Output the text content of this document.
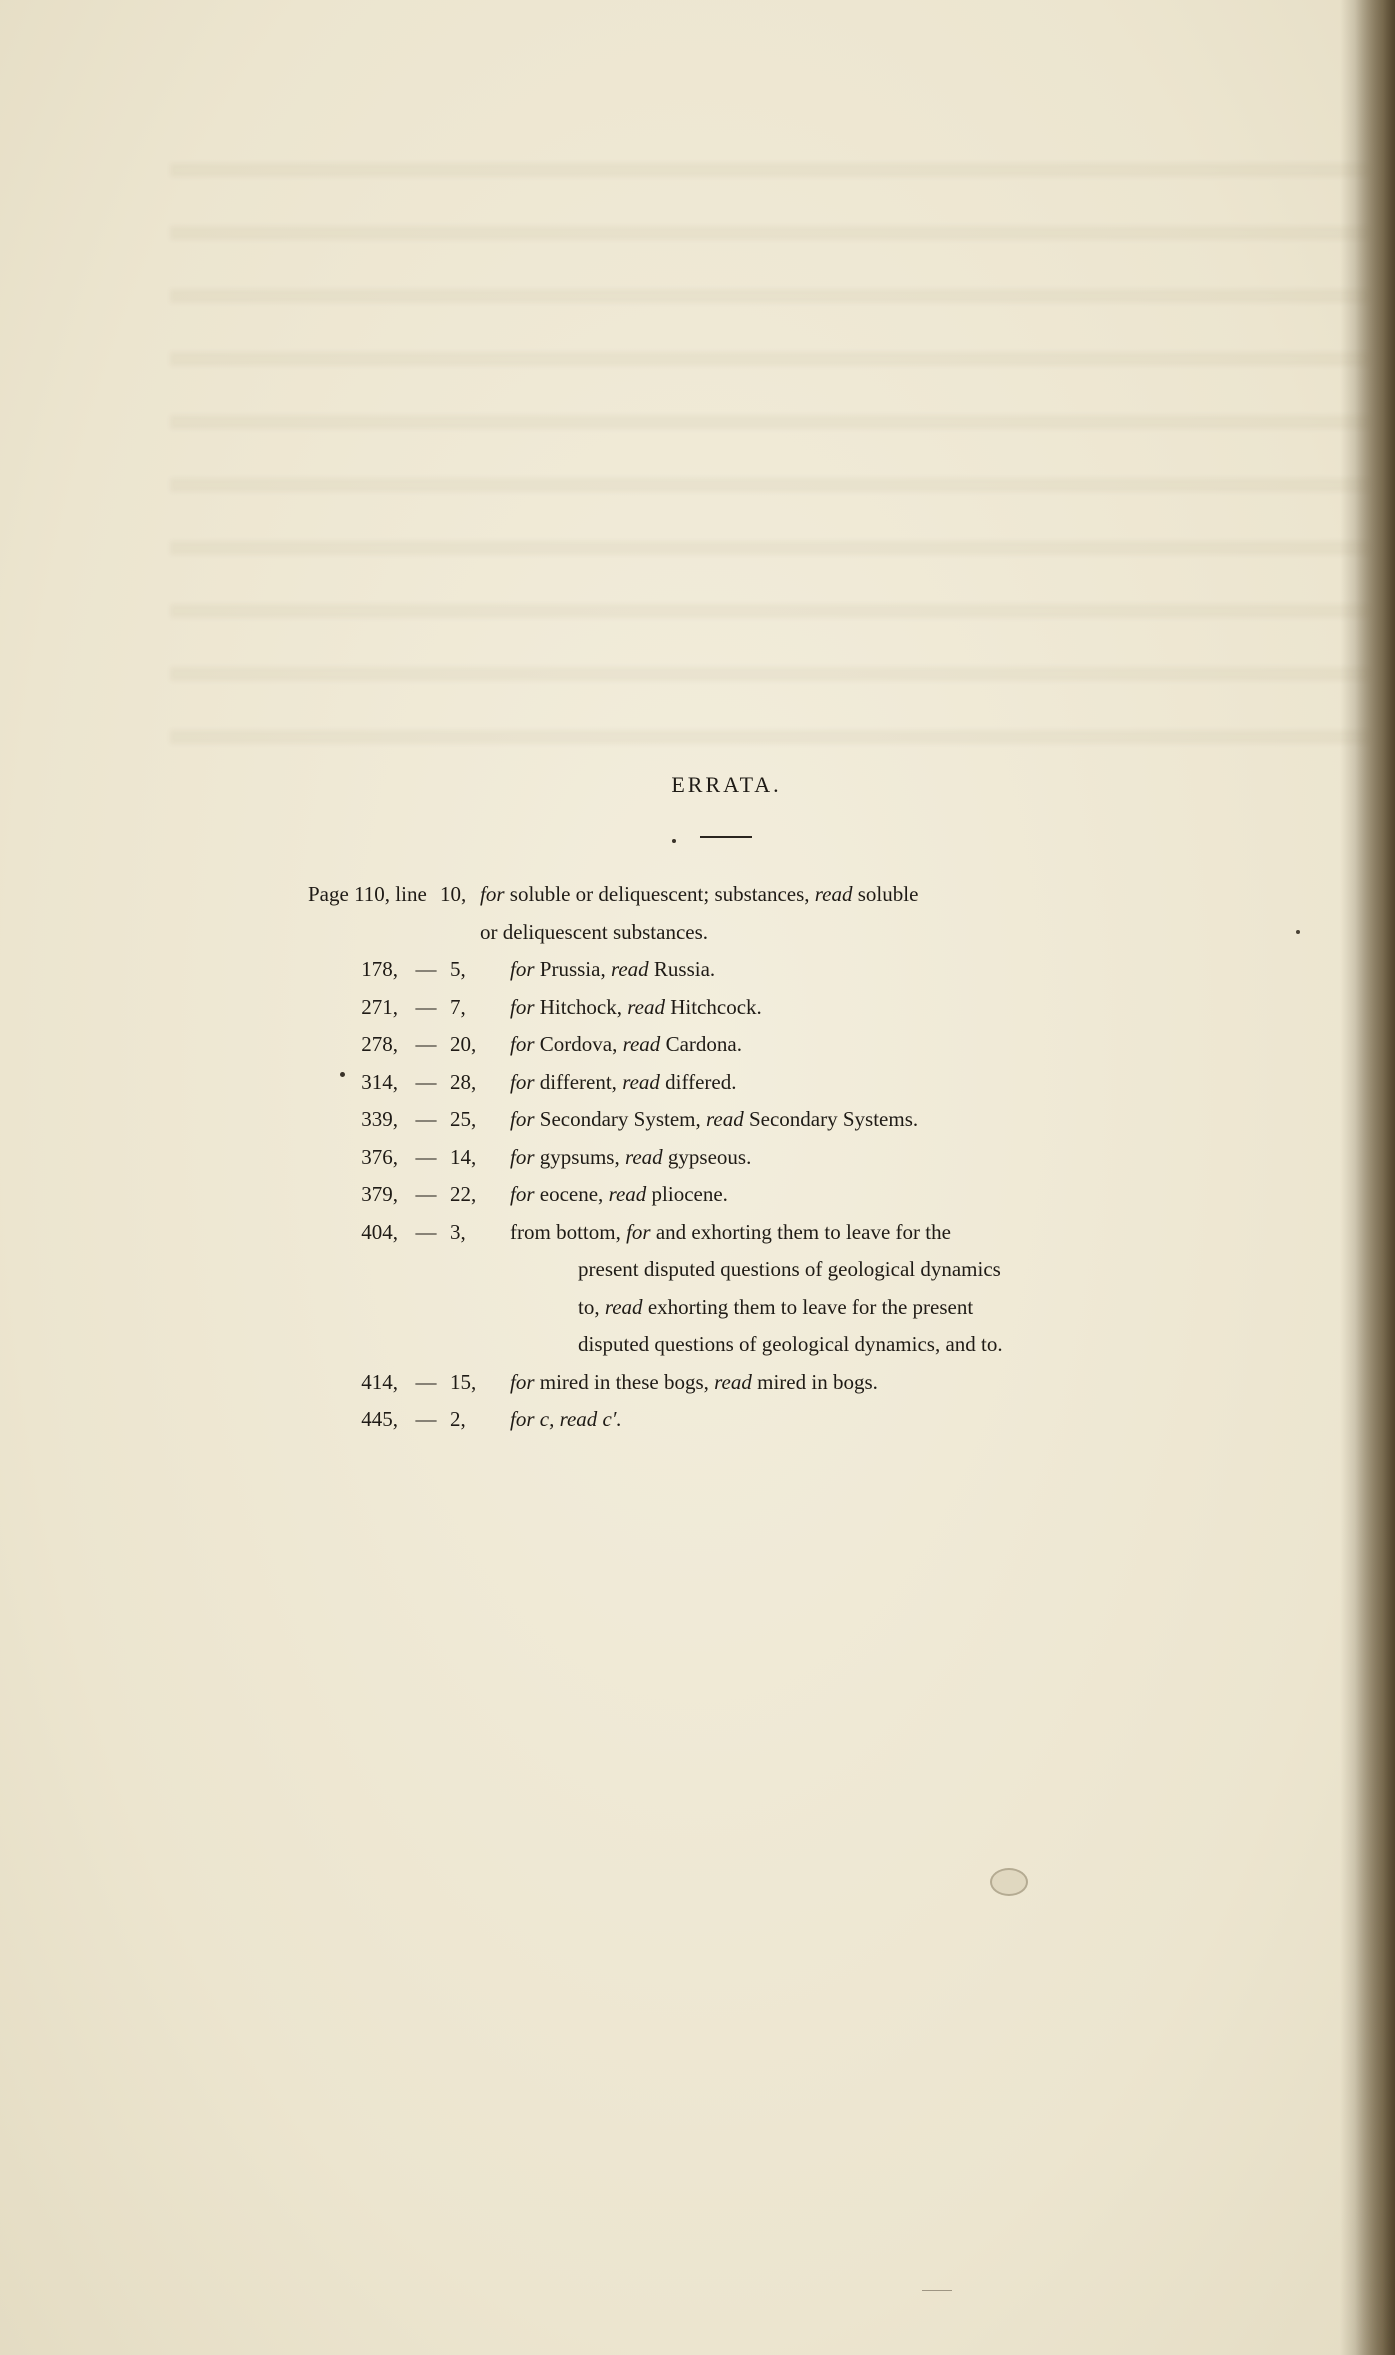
ERRATA.
Page 110, line 10, for soluble or deliquescent; substances, read soluble
or deliquescent substances.
178, — 5,	for Prussia, read Russia.
271, — 7,	for Hitchock, read Hitchcock.
278, — 20,	for Cordova, read Cardona.
314, — 28,	for different, read differed.
339, — 25,	for Secondary System, read Secondary Systems.
376, — 14,	for gypsums, read gypseous.
379, — 22,	for eocene, read pliocene.
404, — 3,	from bottom, for and exhorting them to leave for the
present disputed questions of geological dynamics
to, read exhorting them to leave for the present
disputed questions of geological dynamics, and to.
414, — 15,	for mired in these bogs, read mired in bogs.
445, — 2,	for c, read c′.
